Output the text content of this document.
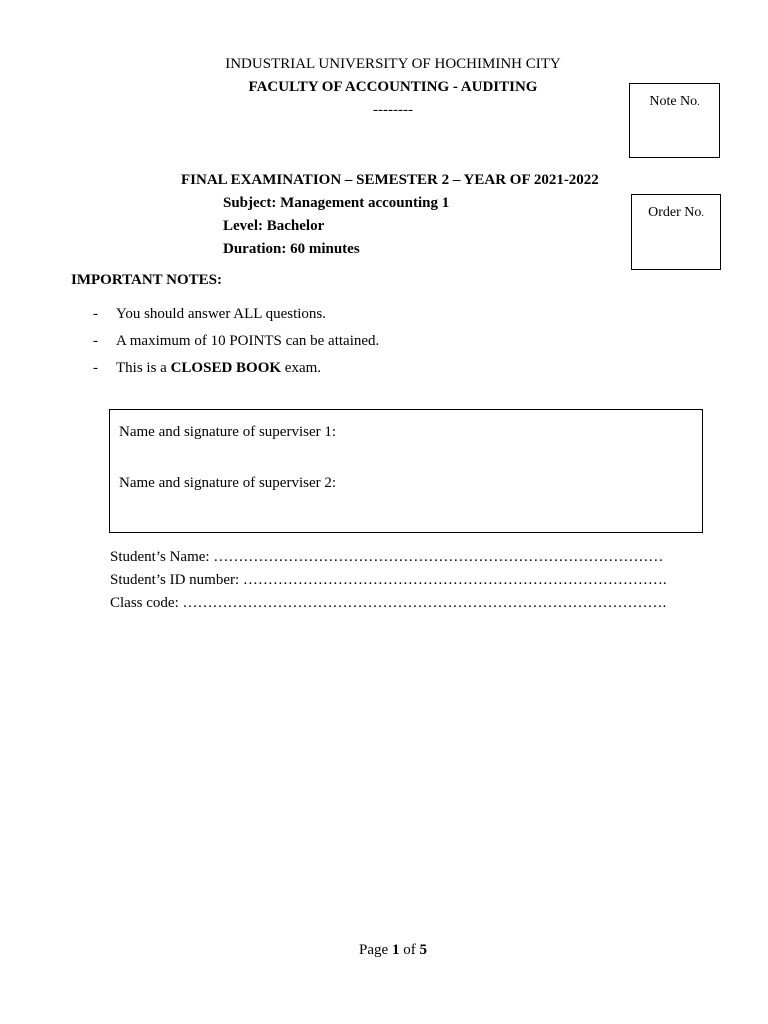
INDUSTRIAL UNIVERSITY OF HOCHIMINH CITY
FACULTY OF ACCOUNTING - AUDITING
--------
Note No.
FINAL EXAMINATION – SEMESTER 2 – YEAR OF 2021-2022
Subject: Management accounting 1
Level: Bachelor
Duration: 60 minutes
Order No.
IMPORTANT NOTES:
- You should answer ALL questions.
- A maximum of 10 POINTS can be attained.
- This is a CLOSED BOOK exam.
Name and signature of superviser 1:
Name and signature of superviser 2:
Student’s Name: ………………………………………………………………………………
Student’s ID number: ………………………………………………………………………….
Class code: …………………………………………………………………………………….
Page 1 of 5
